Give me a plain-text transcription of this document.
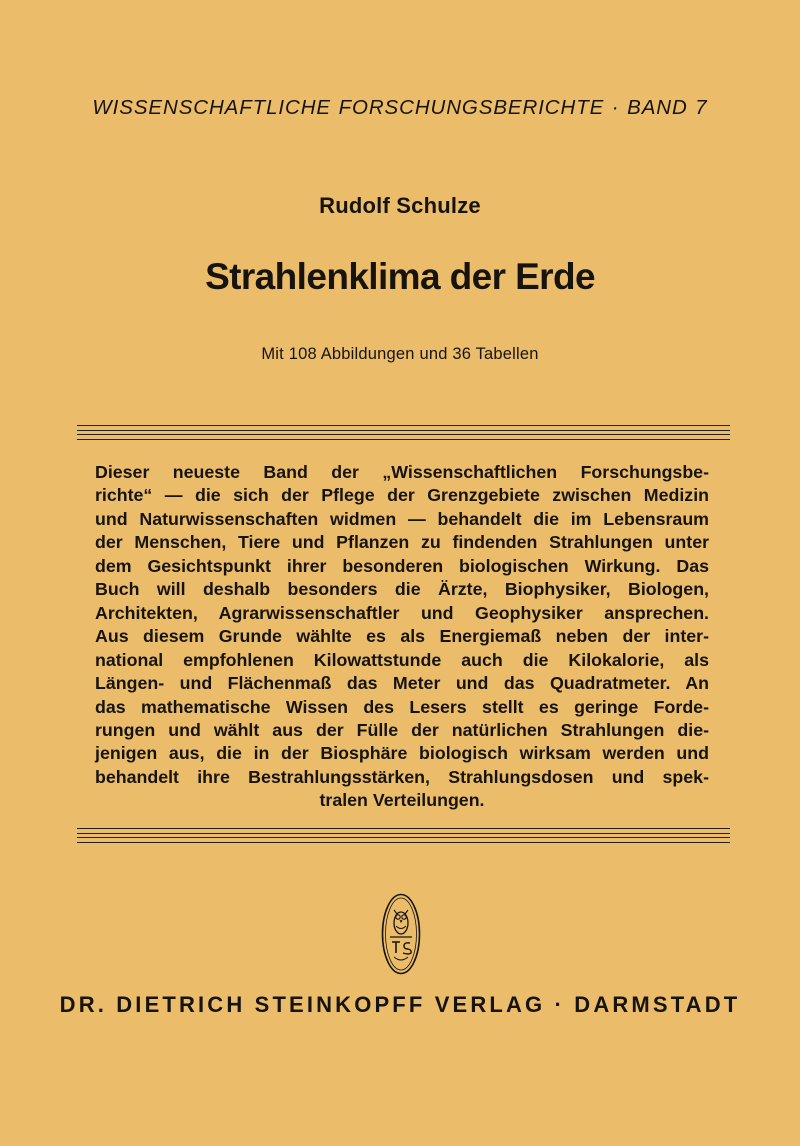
WISSENSCHAFTLICHE FORSCHUNGSBERICHTE · BAND 7
Rudolf Schulze
Strahlenklima der Erde
Mit 108 Abbildungen und 36 Tabellen
Dieser neueste Band der „Wissenschaftlichen Forschungsbe-
richte“ — die sich der Pflege der Grenzgebiete zwischen Medizin
und Naturwissenschaften widmen — behandelt die im Lebensraum
der Menschen, Tiere und Pflanzen zu findenden Strahlungen unter
dem Gesichtspunkt ihrer besonderen biologischen Wirkung. Das
Buch will deshalb besonders die Ärzte, Biophysiker, Biologen,
Architekten, Agrarwissenschaftler und Geophysiker ansprechen.
Aus diesem Grunde wählte es als Energiemaß neben der inter-
national empfohlenen Kilowattstunde auch die Kilokalorie, als
Längen- und Flächenmaß das Meter und das Quadratmeter. An
das mathematische Wissen des Lesers stellt es geringe Forde-
rungen und wählt aus der Fülle der natürlichen Strahlungen die-
jenigen aus, die in der Biosphäre biologisch wirksam werden und
behandelt ihre Bestrahlungsstärken, Strahlungsdosen und spek-
tralen Verteilungen.
DR. DIETRICH STEINKOPFF VERLAG · DARMSTADT
